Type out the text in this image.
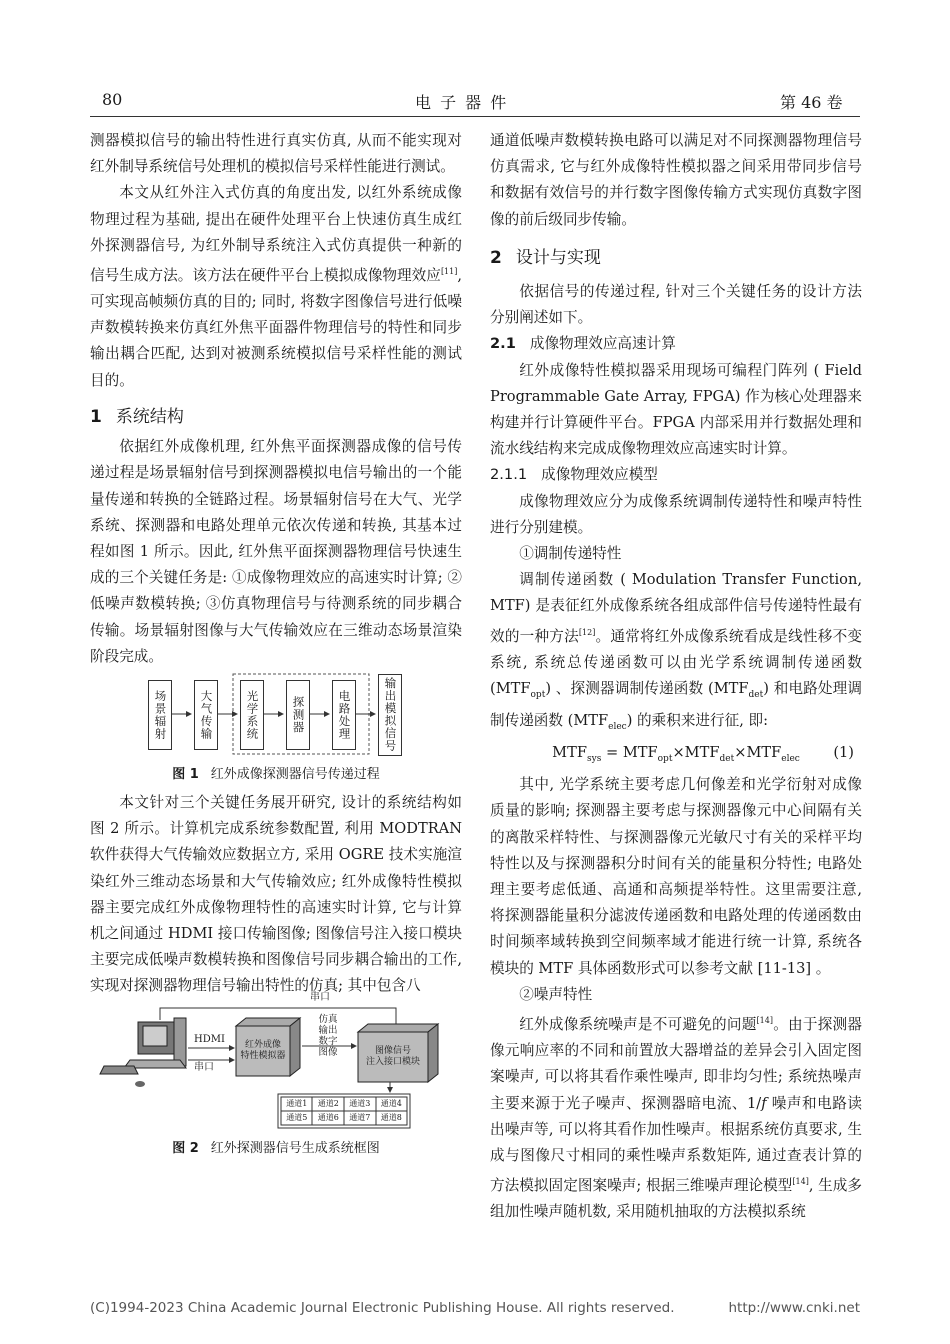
80	电 子 器 件	第 46 卷

测器模拟信号的输出特性进行真实仿真, 从而不能实现对红外制导系统信号处理机的模拟信号采样性能进行测试。

本文从红外注入式仿真的角度出发, 以红外系统成像物理过程为基础, 提出在硬件处理平台上快速仿真生成红外探测器信号, 为红外制导系统注入式仿真提供一种新的信号生成方法。该方法在硬件平台上模拟成像物理效应[11], 可实现高帧频仿真的目的; 同时, 将数字图像信号进行低噪声数模转换来仿真红外焦平面器件物理信号的特性和同步输出耦合匹配, 达到对被测系统模拟信号采样性能的测试目的。

1 系统结构

依据红外成像机理, 红外焦平面探测器成像的信号传递过程是场景辐射信号到探测器模拟电信号输出的一个能量传递和转换的全链路过程。场景辐射信号在大气、光学系统、探测器和电路处理单元依次传递和转换, 其基本过程如图 1 所示。因此, 红外焦平面探测器物理信号快速生成的三个关键任务是: ①成像物理效应的高速实时计算; ②低噪声数模转换; ③仿真物理信号与待测系统的同步耦合传输。场景辐射图像与大气传输效应在三维动态场景渲染阶段完成。

场景辐射	大气传输	光学系统	探测器	电路处理	输出模拟信号

图 1 红外成像探测器信号传递过程

本文针对三个关键任务展开研究, 设计的系统结构如图 2 所示。计算机完成系统参数配置, 利用 MODTRAN 软件获得大气传输效应数据立方, 采用 OGRE 技术实施渲染红外三维动态场景和大气传输效应; 红外成像特性模拟器主要完成红外成像物理特性的高速实时计算, 它与计算机之间通过 HDMI 接口传输图像; 图像信号注入接口模块主要完成低噪声数模转换和图像信号同步耦合输出的工作, 实现对探测器物理信号输出特性的仿真; 其中包含八

串口
HDMI
串口
红外成像
特性模拟器
仿真
输出
数字
图像	图像信号
注入接口模块
通道1	通道2	通道3	通道4
通道5	通道6	通道7	通道8

图 2 红外探测器信号生成系统框图

通道低噪声数模转换电路可以满足对不同探测器物理信号仿真需求, 它与红外成像特性模拟器之间采用带同步信号和数据有效信号的并行数字图像传输方式实现仿真数字图像的前后级同步传输。

2 设计与实现

依据信号的传递过程, 针对三个关键任务的设计方法分别阐述如下。

2.1 成像物理效应高速计算

红外成像特性模拟器采用现场可编程门阵列 ( Field Programmable Gate Array, FPGA) 作为核心处理器来构建并行计算硬件平台。FPGA 内部采用并行数据处理和流水线结构来完成成像物理效应高速实时计算。

2.1.1 成像物理效应模型

成像物理效应分为成像系统调制传递特性和噪声特性进行分别建模。

①调制传递特性

调制传递函数 ( Modulation Transfer Function, MTF) 是表征红外成像系统各组成部件信号传递特性最有效的一种方法[12]。通常将红外成像系统看成是线性移不变系统, 系统总传递函数可以由光学系统调制传递函数 $(MTF_{opt})$ 、探测器调制传递函数 $(MTF_{det})$ 和电路处理调制传递函数 $(MTF_{elec})$ 的乘积来进行征, 即:

$MTF_{sys} = MTF_{opt}\times MTF_{det}\times MTF_{elec}$ (1)

其中, 光学系统主要考虑几何像差和光学衍射对成像质量的影响; 探测器主要考虑与探测器像元中心间隔有关的离散采样特性、与探测器像元光敏尺寸有关的采样平均特性以及与探测器积分时间有关的能量积分特性; 电路处理主要考虑低通、高通和高频提举特性。这里需要注意, 将探测器能量积分滤波传递函数和电路处理的传递函数由时间频率域转换到空间频率域才能进行统一计算, 系统各模块的 MTF 具体函数形式可以参考文献 [11-13] 。

②噪声特性

红外成像系统噪声是不可避免的问题[14]。由于探测器像元响应率的不同和前置放大器增益的差异会引入固定图案噪声, 可以将其看作乘性噪声, 即非均匀性; 系统热噪声主要来源于光子噪声、探测器暗电流、1/f 噪声和电路读出噪声等, 可以将其看作加性噪声。根据系统仿真要求, 生成与图像尺寸相同的乘性噪声系数矩阵, 通过查表计算的方法模拟固定图案噪声; 根据三维噪声理论模型[14], 生成多组加性噪声随机数, 采用随机抽取的方法模拟系统

(C)1994-2023 China Academic Journal Electronic Publishing House. All rights reserved.	http://www.cnki.net
